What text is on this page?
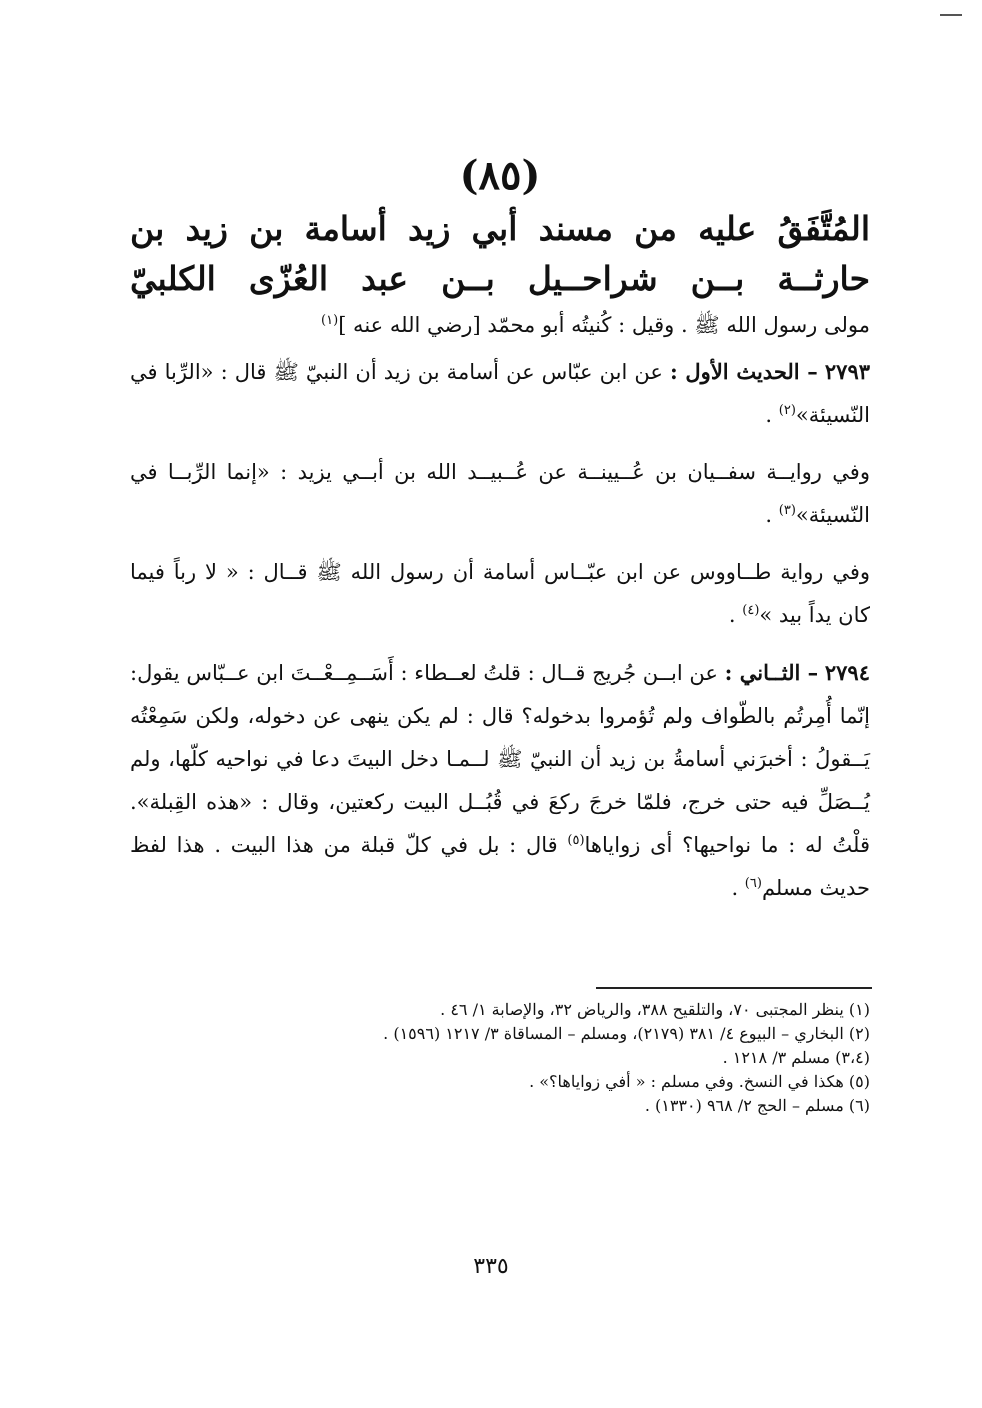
(٨٥)
المُتَّفَقُ عليه من مسند أبي زيد أسامة بن زيد بن
حارثــة بــن شراحــيل بــن عبد العُزّى الكلبيّ

مولى رسول الله ﷺ . وقيل : كُنيتُه أبو محمّد [رضي الله عنه ]$^{(١)}$

٢٧٩٣ – الحديث الأول : عن ابن عبّاس عن أسامة بن زيد أن النبيّ ﷺ قال : «الرِّبا في النّسيئة»$^{(٢)}$ .

وفي روايــة سفــيان بن عُــيينــة عن عُــبيــد الله بن أبــي يزيد : «إنما الرِّبــا في النّسيئة»$^{(٣)}$ .

وفي رواية طــاووس عن ابن عبّــاس أسامة أن رسول الله ﷺ قــال : « لا رباً فيما كان يداً بيد »$^{(٤)}$ .

٢٧٩٤ – الثــاني : عن ابــن جُريج قــال : قلتُ لعــطاء : أَسَــمِــعْــتَ ابن عــبّاس يقول: إنّما أُمِرتُم بالطّواف ولم تُؤمروا بدخوله؟ قال : لم يكن ينهى عن دخوله، ولكن سَمِعْتُه يَــقولُ : أخبرَني أسامةُ بن زيد أن النبيّ ﷺ لــمـا دخل البيتَ دعا في نواحيه كلّها، ولم يُــصَلِّ فيه حتى خرج، فلمّا خرجَ ركعَ في قُبُــل البيت ركعتين، وقال : «هذه القِبلة». قلْتُ له : ما نواحيها؟ أى زواياها$^{(٥)}$ قال : بل في كلّ قبلة من هذا البيت . هذا لفظ حديث مسلم$^{(٦)}$ .

(١) ينظر المجتبى ٧٠، والتلقيح ٣٨٨، والرياض ٣٢، والإصابة ١/ ٤٦ .

(٢) البخاري – البيوع ٤/ ٣٨١ (٢١٧٩)، ومسلم – المساقاة ٣/ ١٢١٧ (١٥٩٦) .

(٣،٤) مسلم ٣/ ١٢١٨ .

(٥) هكذا في النسخ. وفي مسلم : « أفي زواياها؟» .

(٦) مسلم – الحج ٢/ ٩٦٨ (١٣٣٠) .

٣٣٥
